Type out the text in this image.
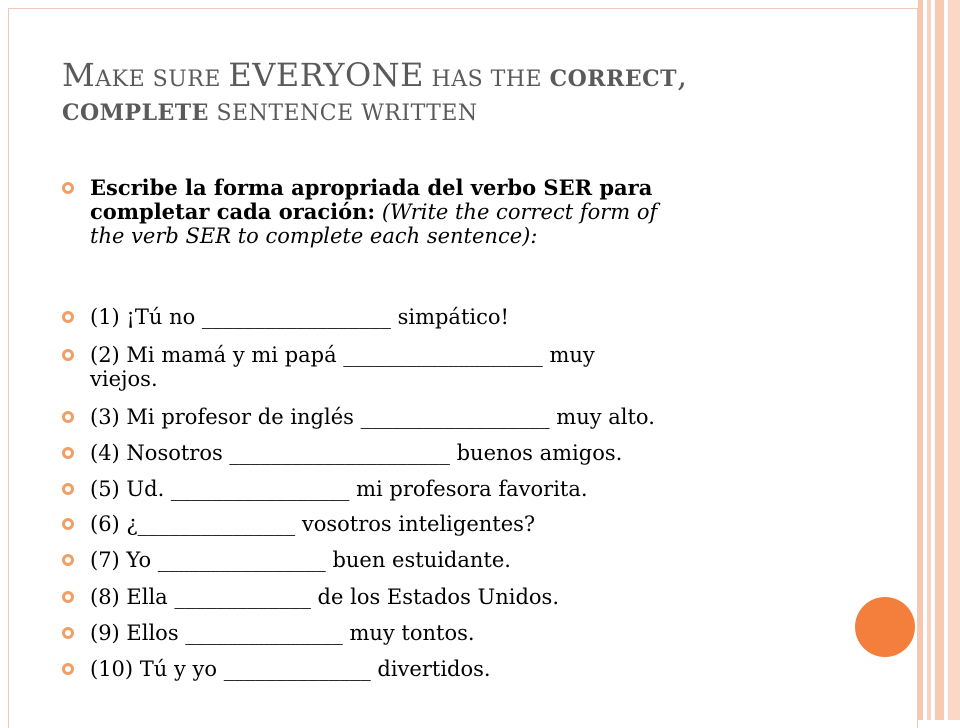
MAKE SURE EVERYONE HAS THE CORRECT,
COMPLETE SENTENCE WRITTEN
Escribe la forma apropriada del verbo SER para
completar cada oración: (Write the correct form of
the verb SER to complete each sentence):
(1) ¡Tú no __________________ simpático!
(2) Mi mamá y mi papá ___________________ muy
viejos.
(3) Mi profesor de inglés __________________ muy alto.
(4) Nosotros _____________________ buenos amigos.
(5) Ud. _________________ mi profesora favorita.
(6) ¿_______________ vosotros inteligentes?
(7) Yo ________________ buen estuidante.
(8) Ella _____________ de los Estados Unidos.
(9) Ellos _______________ muy tontos.
(10) Tú y yo ______________ divertidos.
